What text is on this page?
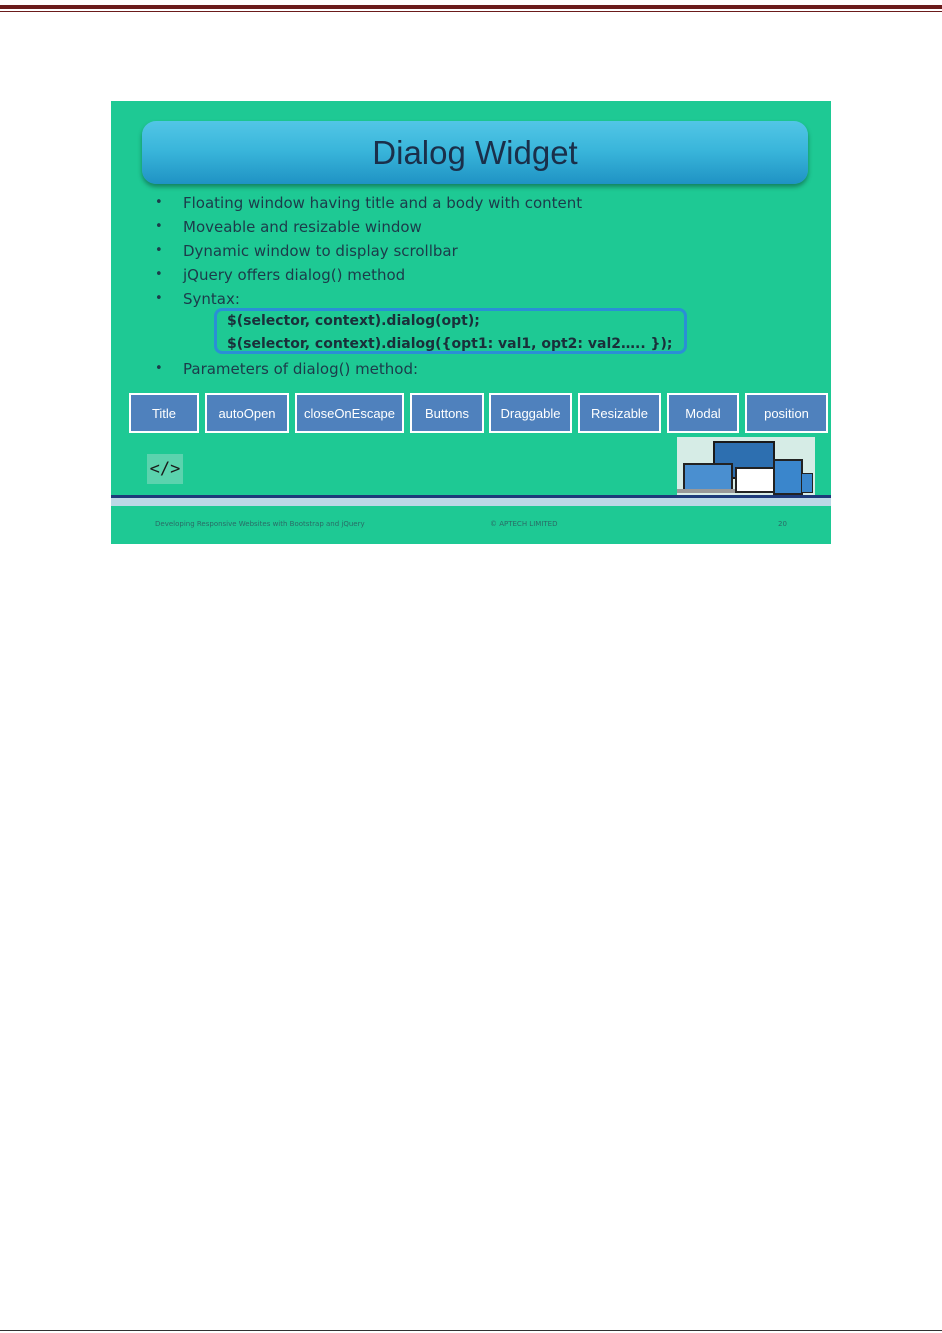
Dialog Widget
• Floating window having title and a body with content
• Moveable and resizable window
• Dynamic window to display scrollbar
• jQuery offers dialog() method
• Syntax:
$(selector, context).dialog(opt);
$(selector, context).dialog({opt1: val1, opt2: val2….. });
• Parameters of dialog() method:
Title	autoOpen	closeOnEscape	Buttons	Draggable	Resizable	Modal	position
</>
Developing Responsive Websites with Bootstrap and jQuery	© APTECH LIMITED	20
